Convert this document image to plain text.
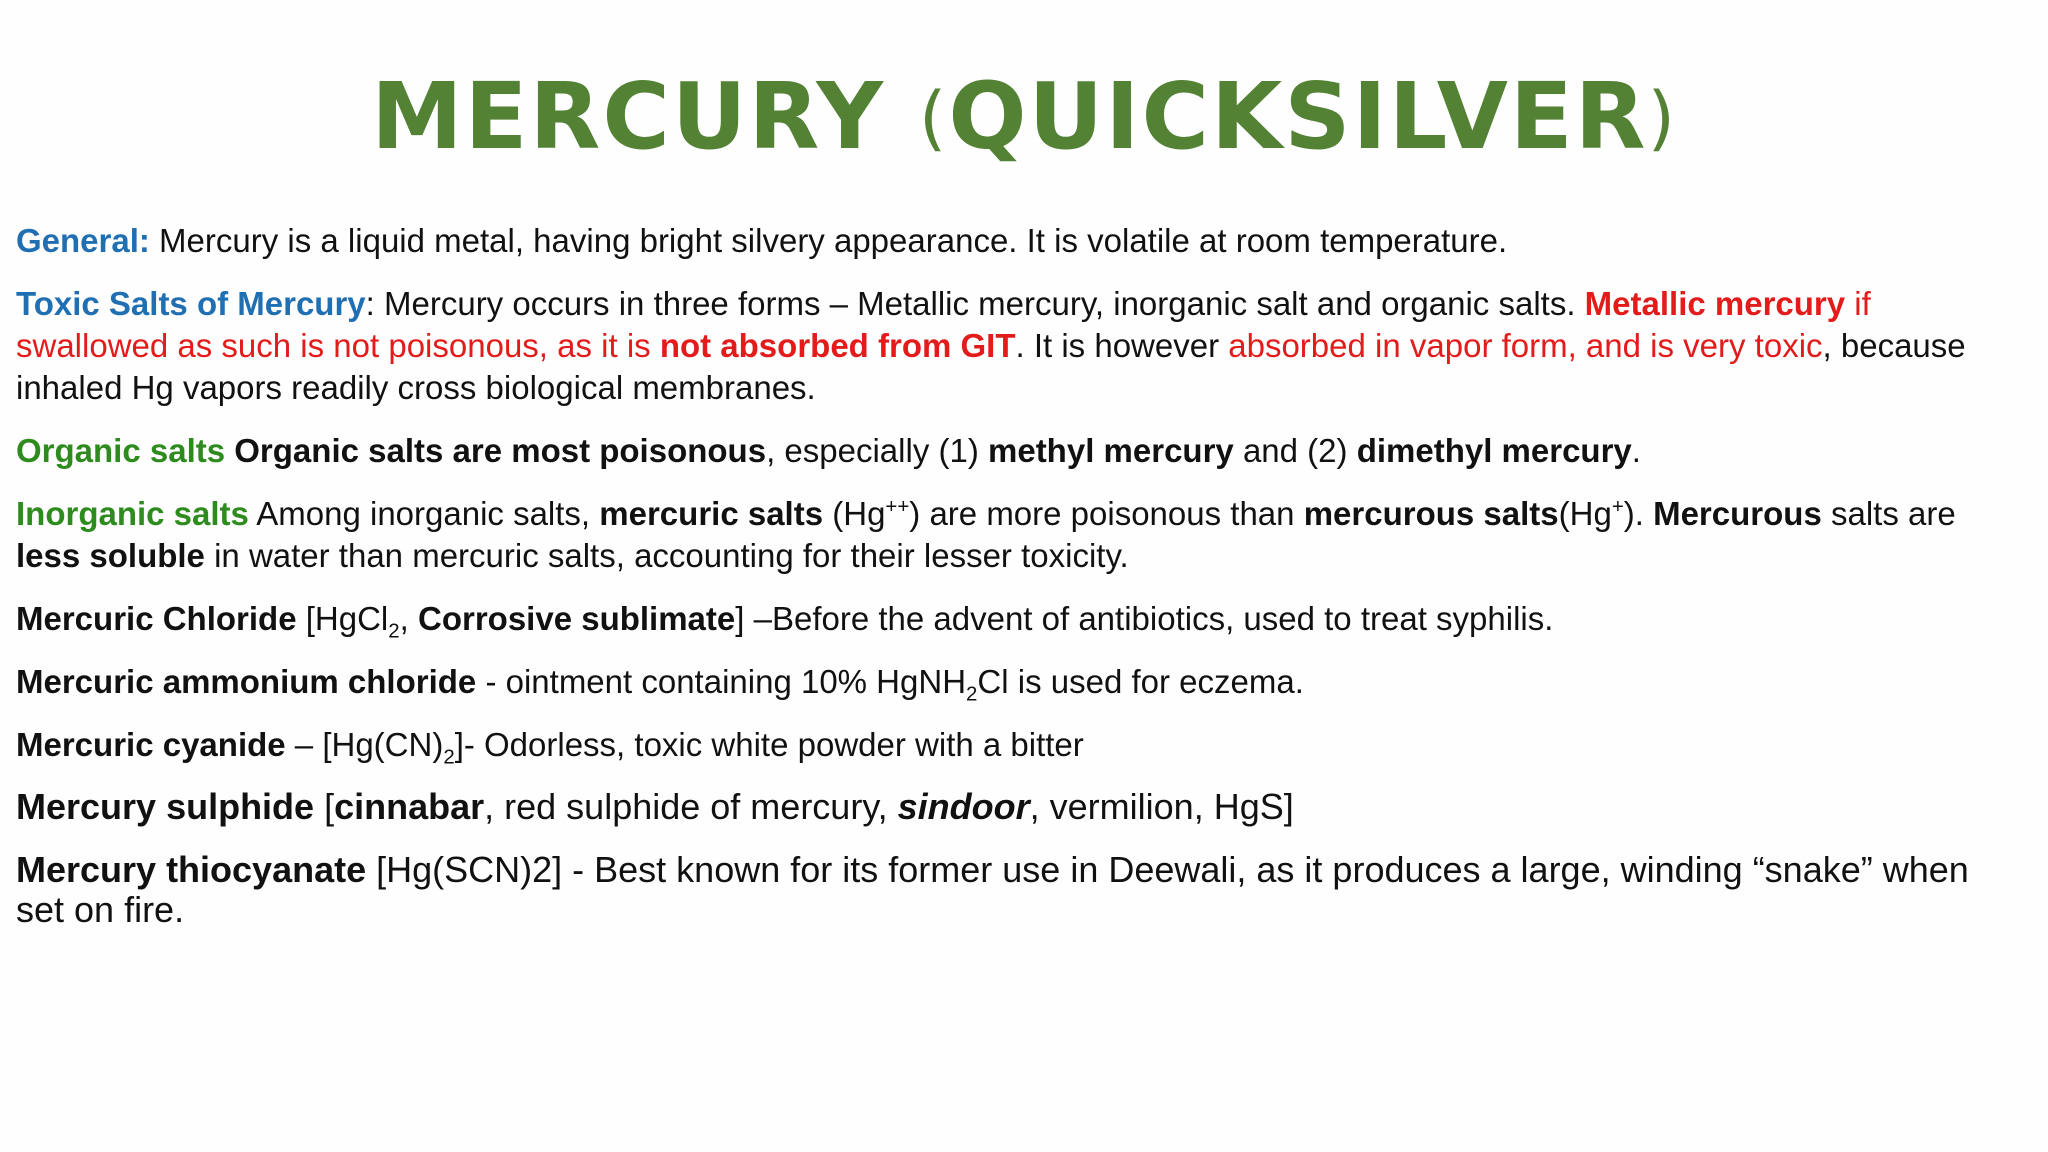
MERCURY (QUICKSILVER)

General: Mercury is a liquid metal, having bright silvery appearance. It is volatile at room temperature.

Toxic Salts of Mercury: Mercury occurs in three forms – Metallic mercury, inorganic salt and organic salts. Metallic mercury if swallowed as such is not poisonous, as it is not absorbed from GIT. It is however absorbed in vapor form, and is very toxic, because inhaled Hg vapors readily cross biological membranes.

Organic salts Organic salts are most poisonous, especially (1) methyl mercury and (2) dimethyl mercury.

Inorganic salts Among inorganic salts, mercuric salts (Hg++) are more poisonous than mercurous salts(Hg+). Mercurous salts are less soluble in water than mercuric salts, accounting for their lesser toxicity.

Mercuric Chloride [HgCl$_2$, Corrosive sublimate] –Before the advent of antibiotics, used to treat syphilis.

Mercuric ammonium chloride - ointment containing 10% HgNH$_2$Cl is used for eczema.

Mercuric cyanide – $[Hg(CN)_2]-$ Odorless, toxic white powder with a bitter

Mercury sulphide [cinnabar, red sulphide of mercury, sindoor, vermilion, HgS]

Mercury thiocyanate [Hg(SCN)2] - Best known for its former use in Deewali, as it produces a large, winding “snake” when set on fire.
